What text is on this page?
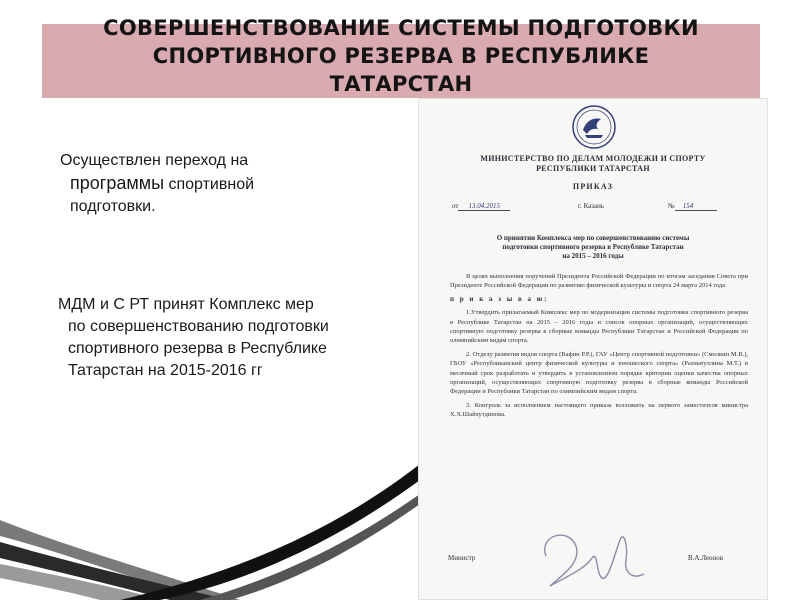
СОВЕРШЕНСТВОВАНИЕ СИСТЕМЫ ПОДГОТОВКИ
СПОРТИВНОГО РЕЗЕРВА В РЕСПУБЛИКЕ
ТАТАРСТАН
Осуществлен переход на
программы спортивной
подготовки.
МДМ и С РТ принят Комплекс мер
по совершенствованию подготовки
спортивного резерва в Республике
Татарстан на 2015-2016 гг
МИНИСТЕРСТВО ПО ДЕЛАМ МОЛОДЕЖИ И СПОРТУ
РЕСПУБЛИКИ ТАТАРСТАН
ПРИКАЗ
от 13.04.2015	г. Казань	№ 154
О принятии Комплекса мер по совершенствованию системы
подготовки спортивного резерва в Республике Татарстан
на 2015 – 2016 годы

В целях выполнения поручений Президента Российской Федерации по итогам заседания Совета при Президенте Российской Федерации по развитию физической культуры и спорта 24 марта 2014 года

п р и к а з ы в а ю:

1.Утвердить прилагаемый Комплекс мер по модернизации системы подготовки спортивного резерва в Республике Татарстан на 2015 – 2016 годы и список опорных организаций, осуществляющих спортивную подготовку резерва в сборные команды Республики Татарстан и Российской Федерации по олимпийским видам спорта.

2. Отделу развития видов спорта (Вафин Р.Р.), ГАУ «Центр спортивной подготовки» (Смолкин М.В.), ГБОУ «Республиканский центр физической культуры и юношеского спорта» (Рахматуллина М.Т.) в месячный срок разработать и утвердить в установленном порядке критерии оценки качества опорных организаций, осуществляющих спортивную подготовку резерва в сборные команды Российской Федерации и Республики Татарстан по олимпийским видам спорта.

3. Контроль за исполнением настоящего приказа возложить на первого заместителя министра Х.Х.Шайхутдинова.

Министр	В.А.Леонов
